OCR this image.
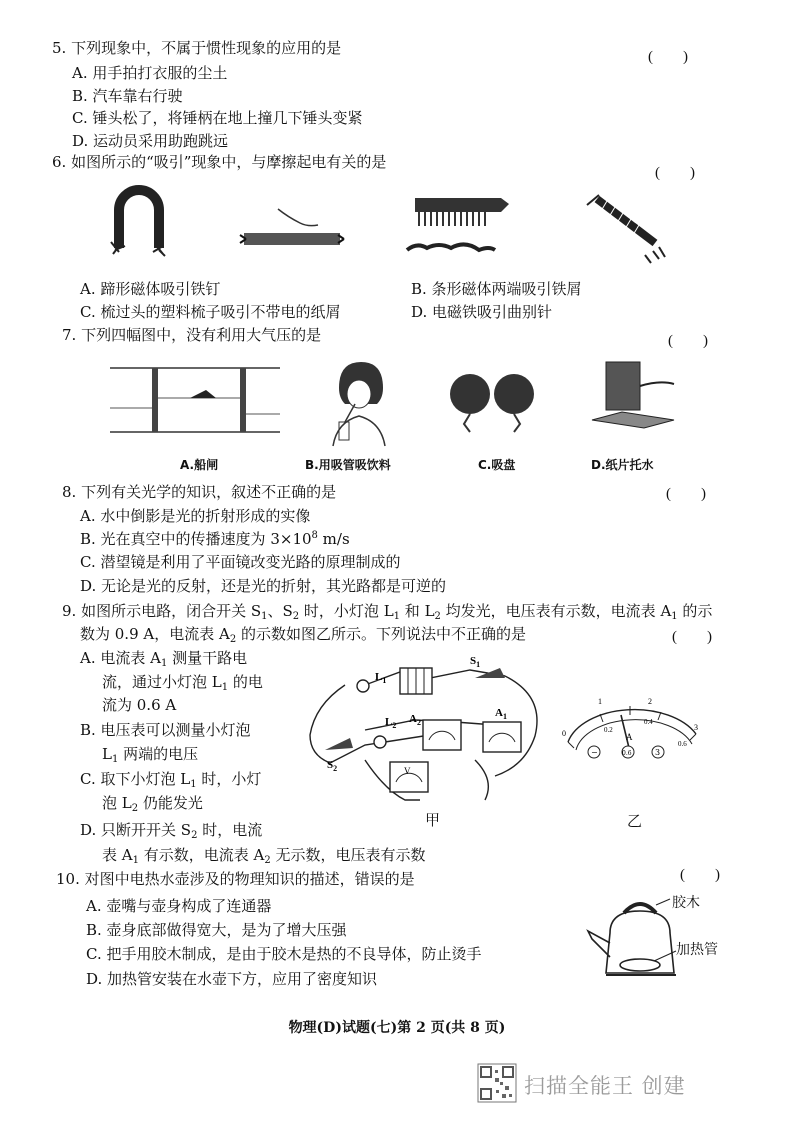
5. 下列现象中，不属于惯性现象的应用的是	(　　)
A. 用手拍打衣服的尘土
B. 汽车靠右行驶
C. 锤头松了，将锤柄在地上撞几下锤头变紧
D. 运动员采用助跑跳远
6. 如图所示的“吸引”现象中，与摩擦起电有关的是
(　　)
A. 蹄形磁体吸引铁钉	B. 条形磁体两端吸引铁屑
C. 梳过头的塑料梳子吸引不带电的纸屑	D. 电磁铁吸引曲别针
7. 下列四幅图中，没有利用大气压的是	(　　)
A.船闸	B.用吸管吸饮料	C.吸盘	D.纸片托水
8. 下列有关光学的知识，叙述不正确的是	(　　)
A. 水中倒影是光的折射形成的实像
B. 光在真空中的传播速度为 $3\times 10^8$ m/s
C. 潜望镜是利用了平面镜改变光路的原理制成的
D. 无论是光的反射，还是光的折射，其光路都是可逆的
9. 如图所示电路，闭合开关 $S_1$、$S_2$ 时，小灯泡 $L_1$ 和 $L_2$ 均发光，电压表有示数，电流表 $A_1$ 的示
数为 0.9 A，电流表 $A_2$ 的示数如图乙所示。下列说法中不正确的是	(　　)
A. 电流表 $A_1$ 测量干路电
流，通过小灯泡 $L_1$ 的电
流为 0.6 A
B. 电压表可以测量小灯泡
$L_1$ 两端的电压
C. 取下小灯泡 $L_1$ 时，小灯
泡 $L_2$ 仍能发光
D. 只断开开关 $S_2$ 时，电流
表 $A_1$ 有示数，电流表 $A_2$ 无示数，电压表有示数
$L_1$
$S_1$
$L_2$
$S_2$
$A_2$
$A_1$
V
甲
1	2
3
0	0.2
0.4
0.6
A
−	0.6	3
乙
10. 对图中电热水壶涉及的物理知识的描述，错误的是	(　　)
A. 壶嘴与壶身构成了连通器
B. 壶身底部做得宽大，是为了增大压强
C. 把手用胶木制成，是由于胶木是热的不良导体，防止烫手
D. 加热管安装在水壶下方，应用了密度知识
胶木
加热管
物理(D)试题(七)第 2 页(共 8 页)
扫描全能王 创建
